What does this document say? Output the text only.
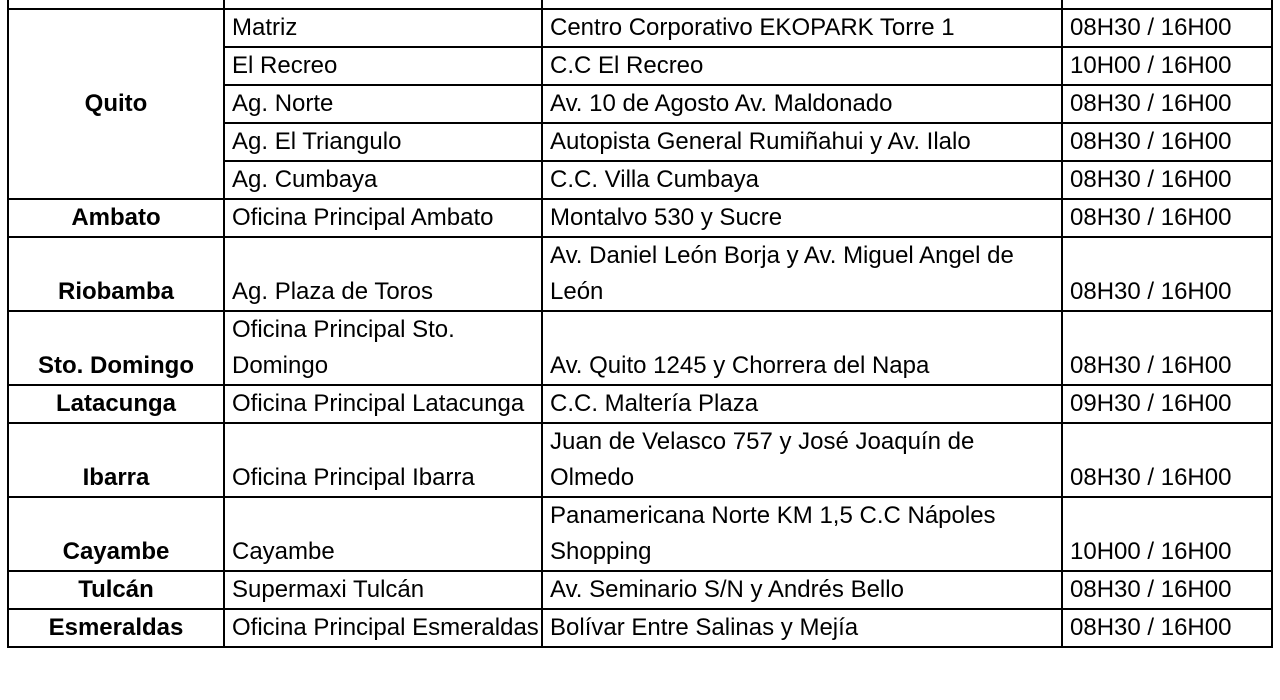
Quito	Matriz	Centro Corporativo EKOPARK Torre 1	08H30 / 16H00
	El Recreo	C.C El Recreo	10H00 / 16H00
	Ag. Norte	Av. 10 de Agosto Av. Maldonado	08H30 / 16H00
	Ag. El Triangulo	Autopista General Rumiñahui y Av. Ilalo	08H30 / 16H00
	Ag. Cumbaya	C.C. Villa Cumbaya	08H30 / 16H00
Ambato	Oficina Principal Ambato	Montalvo 530 y Sucre	08H30 / 16H00
Riobamba	Ag. Plaza de Toros	Av. Daniel León Borja y Av. Miguel Angel de León	08H30 / 16H00
Sto. Domingo	Oficina Principal Sto. Domingo	Av. Quito 1245 y Chorrera del Napa	08H30 / 16H00
Latacunga	Oficina Principal Latacunga	C.C. Maltería Plaza	09H30 / 16H00
Ibarra	Oficina Principal Ibarra	Juan de Velasco 757 y José Joaquín de Olmedo	08H30 / 16H00
Cayambe	Cayambe	Panamericana Norte KM 1,5 C.C Nápoles Shopping	10H00 / 16H00
Tulcán	Supermaxi Tulcán	Av. Seminario S/N y Andrés Bello	08H30 / 16H00
Esmeraldas	Oficina Principal Esmeraldas	Bolívar Entre Salinas y Mejía	08H30 / 16H00
